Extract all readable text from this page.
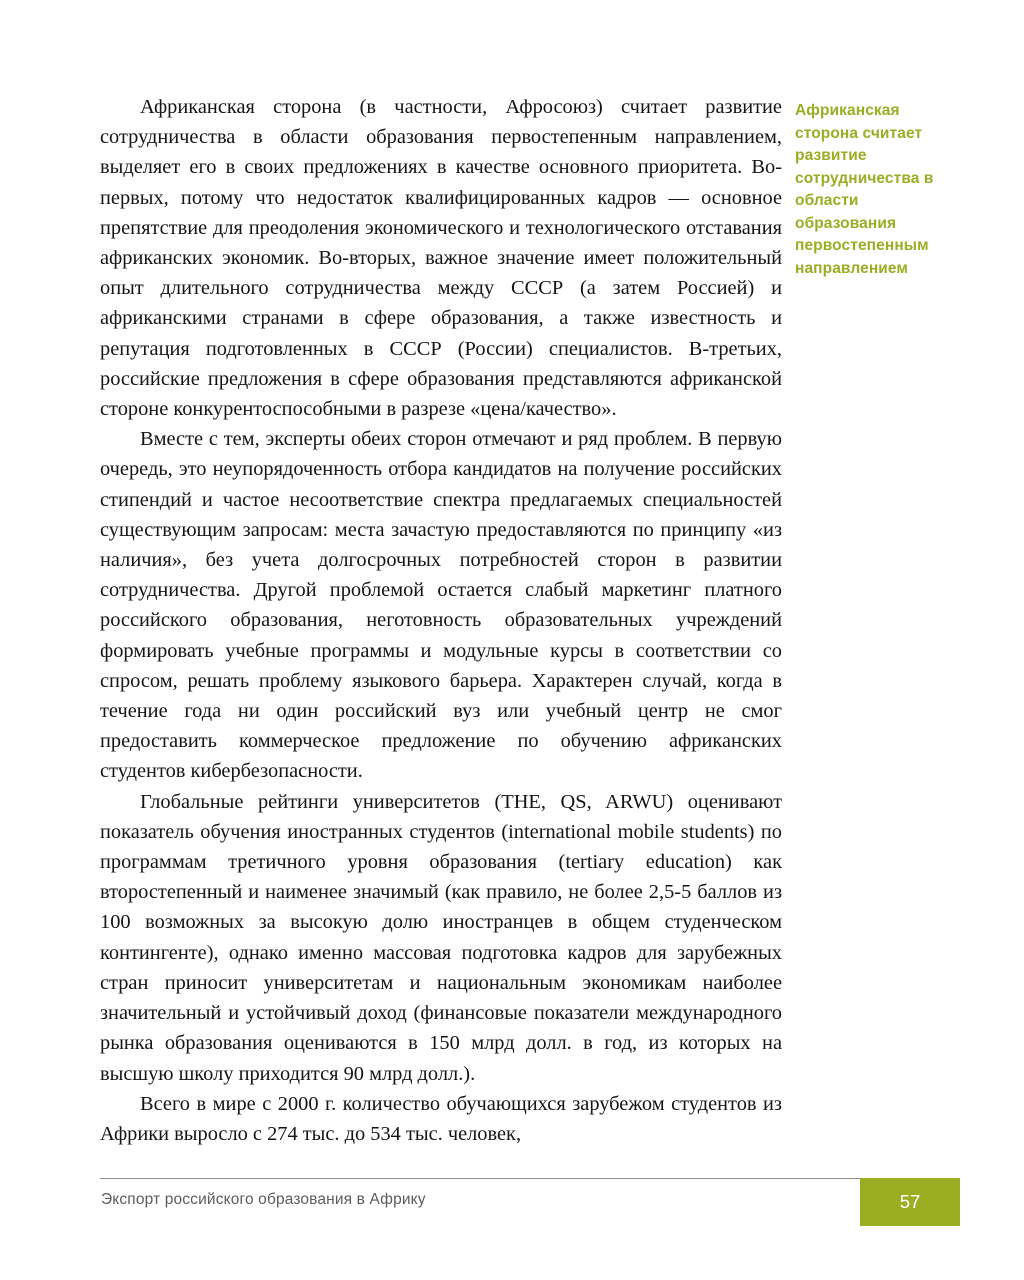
Африканская сторона (в частности, Афросоюз) считает развитие сотрудничества в области образования первостепенным направлением, выделяет его в своих предложениях в качестве основного приоритета. Во-первых, потому что недостаток квалифицированных кадров — основное препятствие для преодоления экономического и технологического отставания африканских экономик. Во-вторых, важное значение имеет положительный опыт длительного сотрудничества между СССР (а затем Россией) и африканскими странами в сфере образования, а также известность и репутация подготовленных в СССР (России) специалистов. В-третьих, российские предложения в сфере образования представляются африканской стороне конкурентоспособными в разрезе «цена/качество».

Вместе с тем, эксперты обеих сторон отмечают и ряд проблем. В первую очередь, это неупорядоченность отбора кандидатов на получение российских стипендий и частое несоответствие спектра предлагаемых специальностей существующим запросам: места зачастую предоставляются по принципу «из наличия», без учета долгосрочных потребностей сторон в развитии сотрудничества. Другой проблемой остается слабый маркетинг платного российского образования, неготовность образовательных учреждений формировать учебные программы и модульные курсы в соответствии со спросом, решать проблему языкового барьера. Характерен случай, когда в течение года ни один российский вуз или учебный центр не смог предоставить коммерческое предложение по обучению африканских студентов кибербезопасности.

Глобальные рейтинги университетов (THE, QS, ARWU) оценивают показатель обучения иностранных студентов (international mobile students) по программам третичного уровня образования (tertiary education) как второстепенный и наименее значимый (как правило, не более 2,5-5 баллов из 100 возможных за высокую долю иностранцев в общем студенческом контингенте), однако именно массовая подготовка кадров для зарубежных стран приносит университетам и национальным экономикам наиболее значительный и устойчивый доход (финансовые показатели международного рынка образования оцениваются в 150 млрд долл. в год, из которых на высшую школу приходится 90 млрд долл.).

Всего в мире с 2000 г. количество обучающихся зарубежом студентов из Африки выросло с 274 тыс. до 534 тыс. человек,

Африканская сторона считает развитие сотрудничества в области образования первостепенным направлением
Экспорт российского образования в Африку	57
